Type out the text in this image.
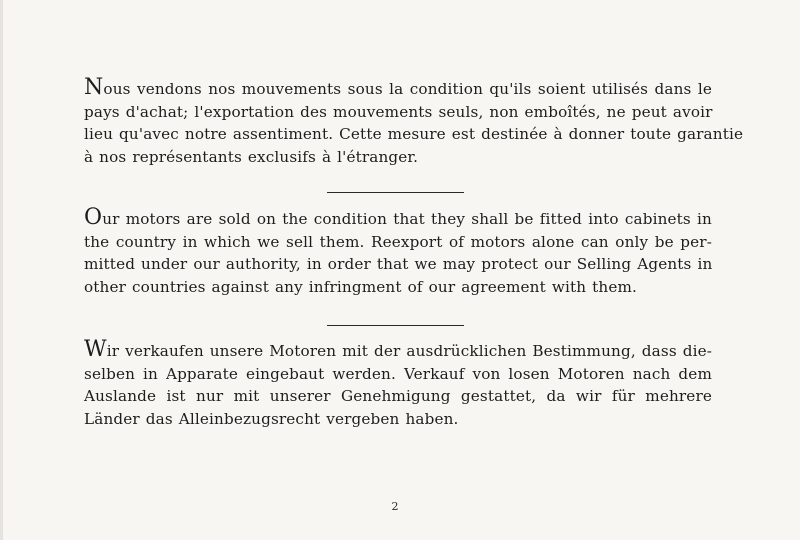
Nous vendons nos mouvements sous la condition qu'ils soient utilisés dans le
pays d'achat; l'exportation des mouvements seuls, non emboîtés, ne peut avoir
lieu qu'avec notre assentiment. Cette mesure est destinée à donner toute garantie
à nos représentants exclusifs à l'étranger.
Our motors are sold on the condition that they shall be fitted into cabinets in
the country in which we sell them. Reexport of motors alone can only be per-
mitted under our authority, in order that we may protect our Selling Agents in
other countries against any infringment of our agreement with them.
Wir verkaufen unsere Motoren mit der ausdrücklichen Bestimmung, dass die-
selben in Apparate eingebaut werden. Verkauf von losen Motoren nach dem
Auslande ist nur mit unserer Genehmigung gestattet, da wir für mehrere
Länder das Alleinbezugsrecht vergeben haben.
2
